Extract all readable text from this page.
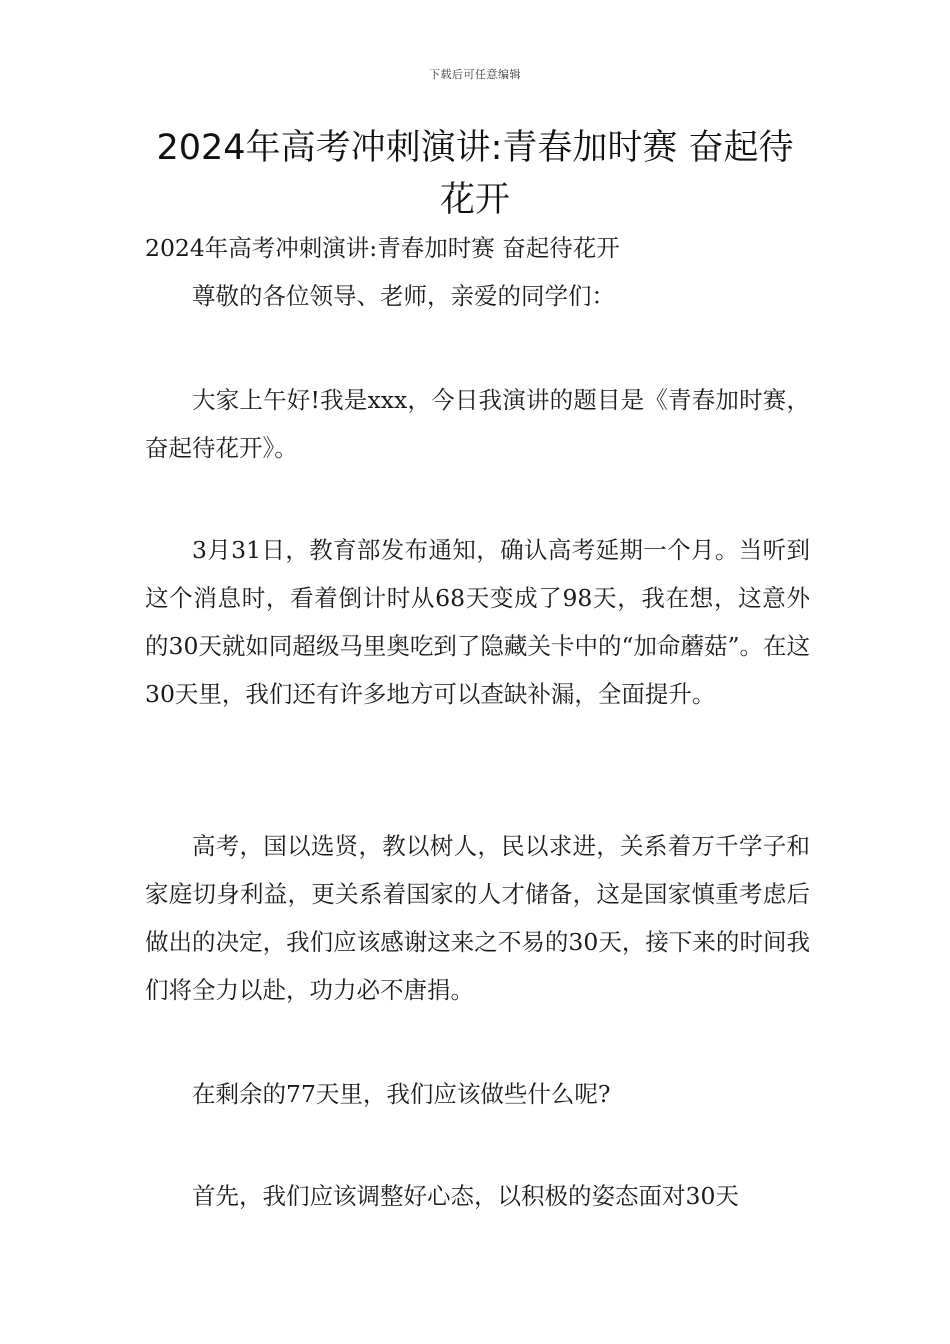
下载后可任意编辑
2024年高考冲刺演讲:青春加时赛 奋起待花开

2024年高考冲刺演讲:青春加时赛 奋起待花开

尊敬的各位领导、老师，亲爱的同学们：

大家上午好!我是xxx，今日我演讲的题目是《青春加时赛，奋起待花开》。

3月31日，教育部发布通知，确认高考延期一个月。当听到这个消息时，看着倒计时从68天变成了98天，我在想，这意外的30天就如同超级马里奥吃到了隐藏关卡中的“加命蘑菇”。在这30天里，我们还有许多地方可以查缺补漏，全面提升。

高考，国以选贤，教以树人，民以求进，关系着万千学子和家庭切身利益，更关系着国家的人才储备，这是国家慎重考虑后做出的决定，我们应该感谢这来之不易的30天，接下来的时间我们将全力以赴，功力必不唐捐。

在剩余的77天里，我们应该做些什么呢?

首先，我们应该调整好心态，以积极的姿态面对30天
